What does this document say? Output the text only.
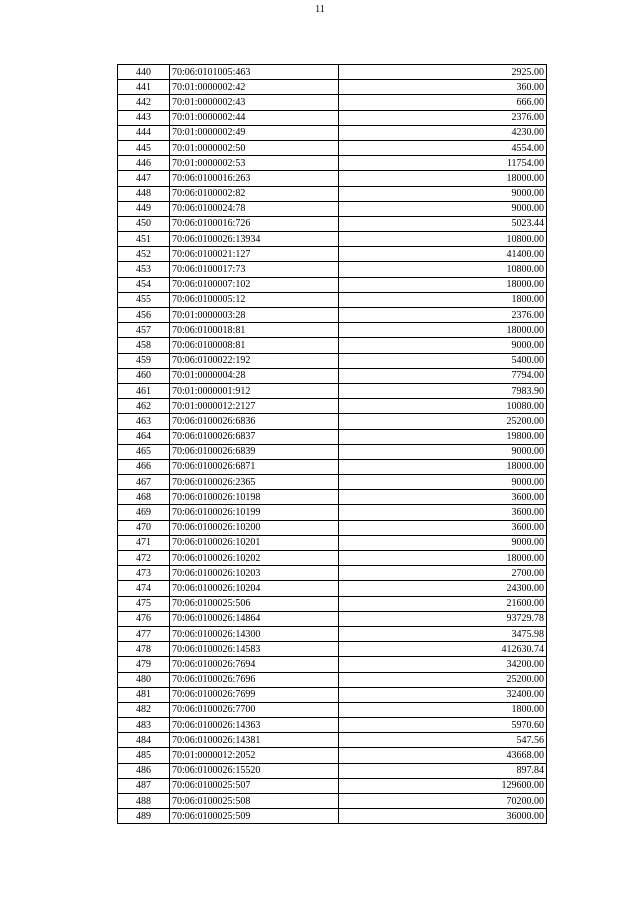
11
440	70:06:0101005:463	2925.00
441	70:01:0000002:42	360.00
442	70:01:0000002:43	666.00
443	70:01:0000002:44	2376.00
444	70:01:0000002:49	4230.00
445	70:01:0000002:50	4554.00
446	70:01:0000002:53	11754.00
447	70:06:0100016:263	18000.00
448	70:06:0100002:82	9000.00
449	70:06:0100024:78	9000.00
450	70:06:0100016:726	5023.44
451	70:06:0100026:13934	10800.00
452	70:06:0100021:127	41400.00
453	70:06:0100017:73	10800.00
454	70:06:0100007:102	18000.00
455	70:06:0100005:12	1800.00
456	70:01:0000003:28	2376.00
457	70:06:0100018:81	18000.00
458	70:06:0100008:81	9000.00
459	70:06:0100022:192	5400.00
460	70:01:0000004:28	7794.00
461	70:01:0000001:912	7983.90
462	70:01:0000012:2127	10080.00
463	70:06:0100026:6836	25200.00
464	70:06:0100026:6837	19800.00
465	70:06:0100026:6839	9000.00
466	70:06:0100026:6871	18000.00
467	70:06:0100026:2365	9000.00
468	70:06:0100026:10198	3600.00
469	70:06:0100026:10199	3600.00
470	70:06:0100026:10200	3600.00
471	70:06:0100026:10201	9000.00
472	70:06:0100026:10202	18000.00
473	70:06:0100026:10203	2700.00
474	70:06:0100026:10204	24300.00
475	70:06:0100025:506	21600.00
476	70:06:0100026:14864	93729.78
477	70:06:0100026:14300	3475.98
478	70:06:0100026:14583	412630.74
479	70:06:0100026:7694	34200.00
480	70:06:0100026:7696	25200.00
481	70:06:0100026:7699	32400.00
482	70:06:0100026:7700	1800.00
483	70:06:0100026:14363	5970.60
484	70:06:0100026:14381	547.56
485	70:01:0000012:2052	43668.00
486	70:06:0100026:15520	897.84
487	70:06:0100025:507	129600.00
488	70:06:0100025:508	70200.00
489	70:06:0100025:509	36000.00
